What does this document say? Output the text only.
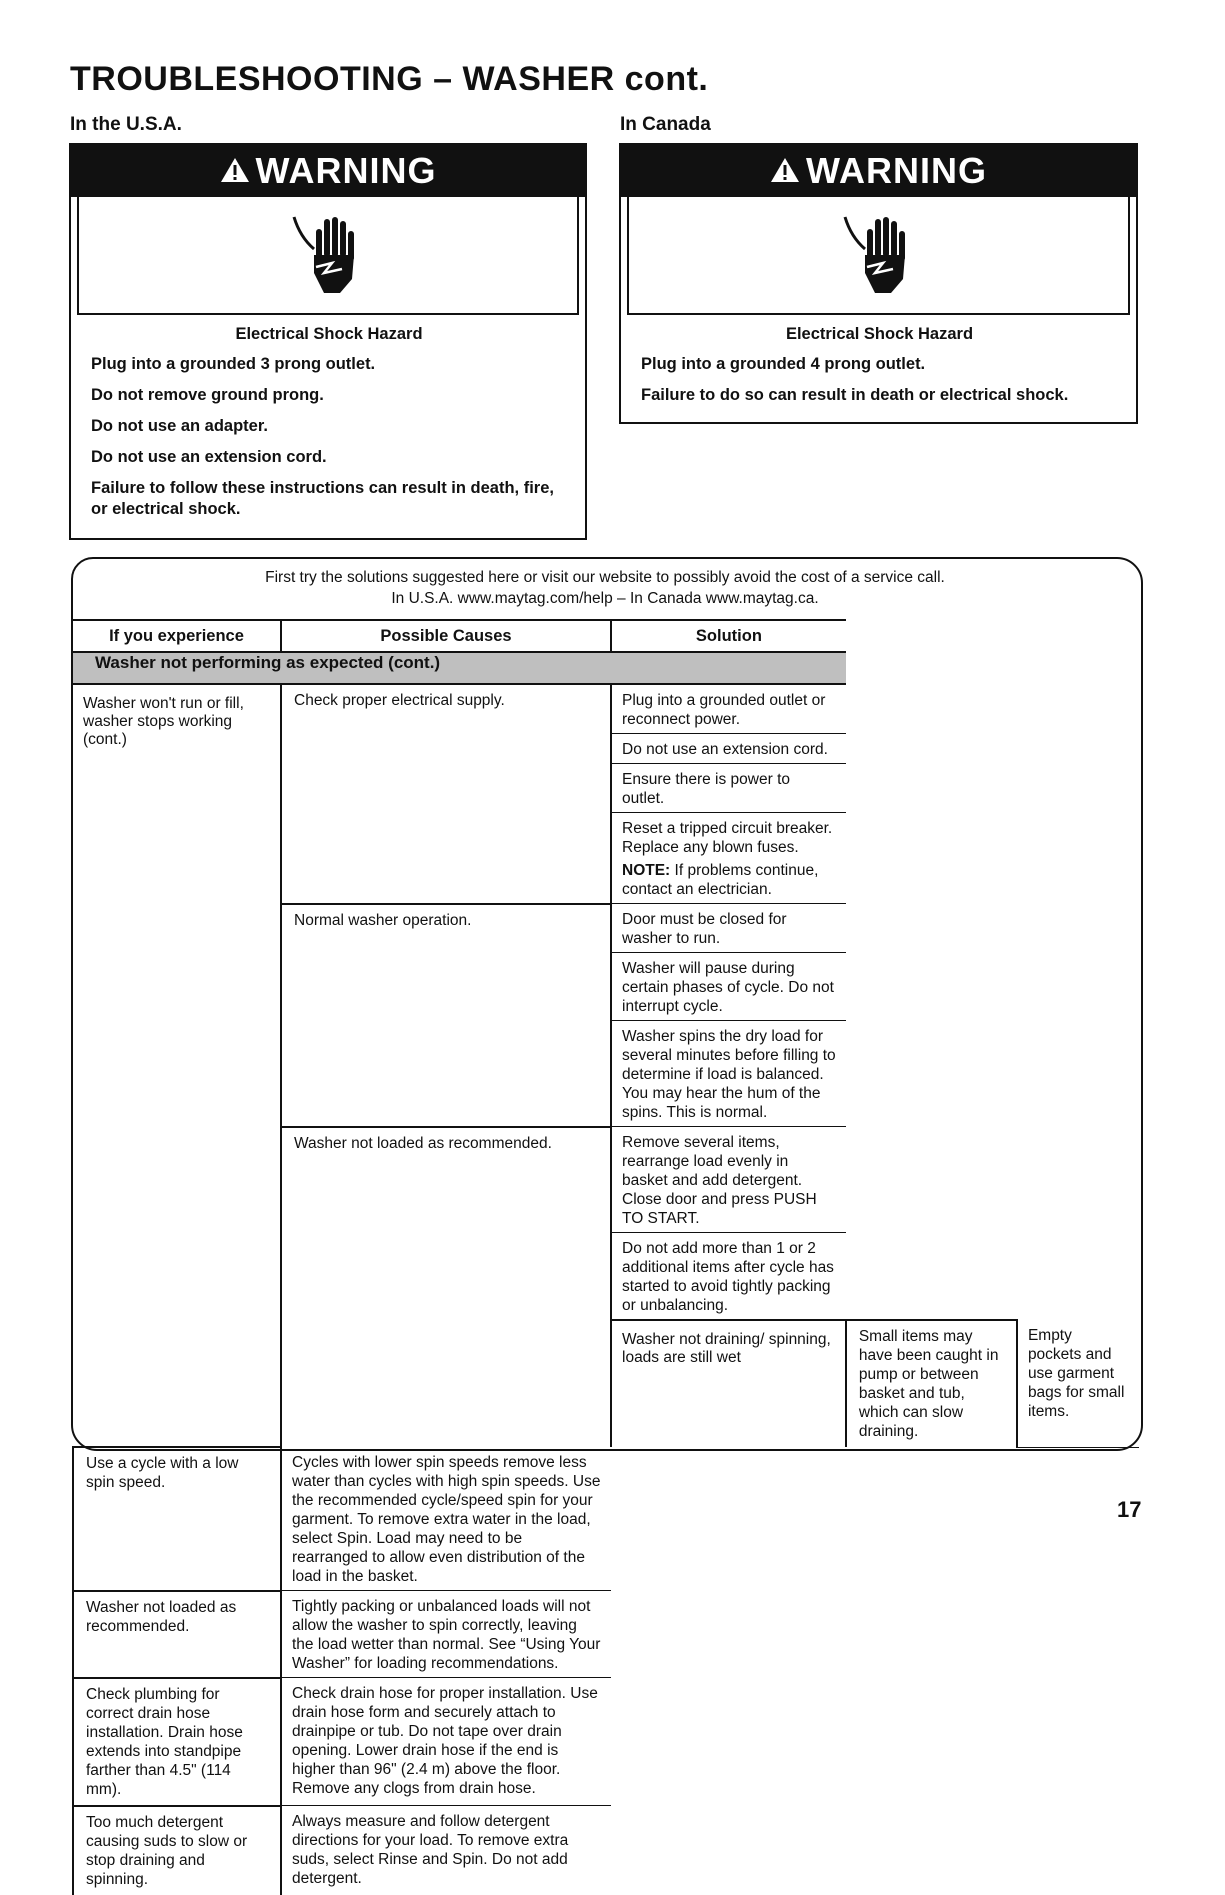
TROUBLESHOOTING – WASHER cont.
In the U.S.A.	In Canada
WARNING
Electrical Shock Hazard

Plug into a grounded 3 prong outlet.

Do not remove ground prong.

Do not use an adapter.

Do not use an extension cord.

Failure to follow these instructions can result in death, fire, or electrical shock.

WARNING
Electrical Shock Hazard

Plug into a grounded 4 prong outlet.

Failure to do so can result in death or electrical shock.

First try the solutions suggested here or visit our website to possibly avoid the cost of a service call.
In U.S.A. www.maytag.com/help – In Canada www.maytag.ca.
If you experience	Possible Causes	Solution		
Washer not performing as expected (cont.)				
Washer won't run or fill, washer stops working (cont.)	Check proper electrical supply.	Plug into a grounded outlet or reconnect power.		
		Do not use an extension cord.		
		Ensure there is power to outlet.		

		Reset a tripped circuit breaker. Replace any blown fuses.
NOTE: If problems continue, contact an electrician.		

	Normal washer operation.	Door must be closed for washer to run.		
		Washer will pause during certain phases of cycle. Do not interrupt cycle.		
		Washer spins the dry load for several minutes before filling to determine if load is balanced. You may hear the hum of the spins. This is normal.		
	Washer not loaded as recommended.	Remove several items, rearrange load evenly in basket and add detergent. Close door and press PUSH TO START.		
		Do not add more than 1 or 2 additional items after cycle has started to avoid tightly packing or unbalancing.		
		Washer not draining/ spinning, loads are still wet	Small items may have been caught in pump or between basket and tub, which can slow draining.	Empty pockets and use garment bags for small items.
Use a cycle with a low spin speed.	Cycles with lower spin speeds remove less water than cycles with high spin speeds. Use the recommended cycle/speed spin for your garment. To remove extra water in the load, select Spin. Load may need to be rearranged to allow even distribution of the load in the basket.			
Washer not loaded as recommended.	Tightly packing or unbalanced loads will not allow the washer to spin correctly, leaving the load wetter than normal. See “Using Your Washer” for loading recommendations.			
Check plumbing for correct drain hose installation. Drain hose extends into standpipe farther than 4.5" (114 mm).	Check drain hose for proper installation. Use drain hose form and securely attach to drainpipe or tub. Do not tape over drain opening. Lower drain hose if the end is higher than 96" (2.4 m) above the floor. Remove any clogs from drain hose.			
Too much detergent causing suds to slow or stop draining and spinning.	Always measure and follow detergent directions for your load. To remove extra suds, select Rinse and Spin. Do not add detergent.			
17
